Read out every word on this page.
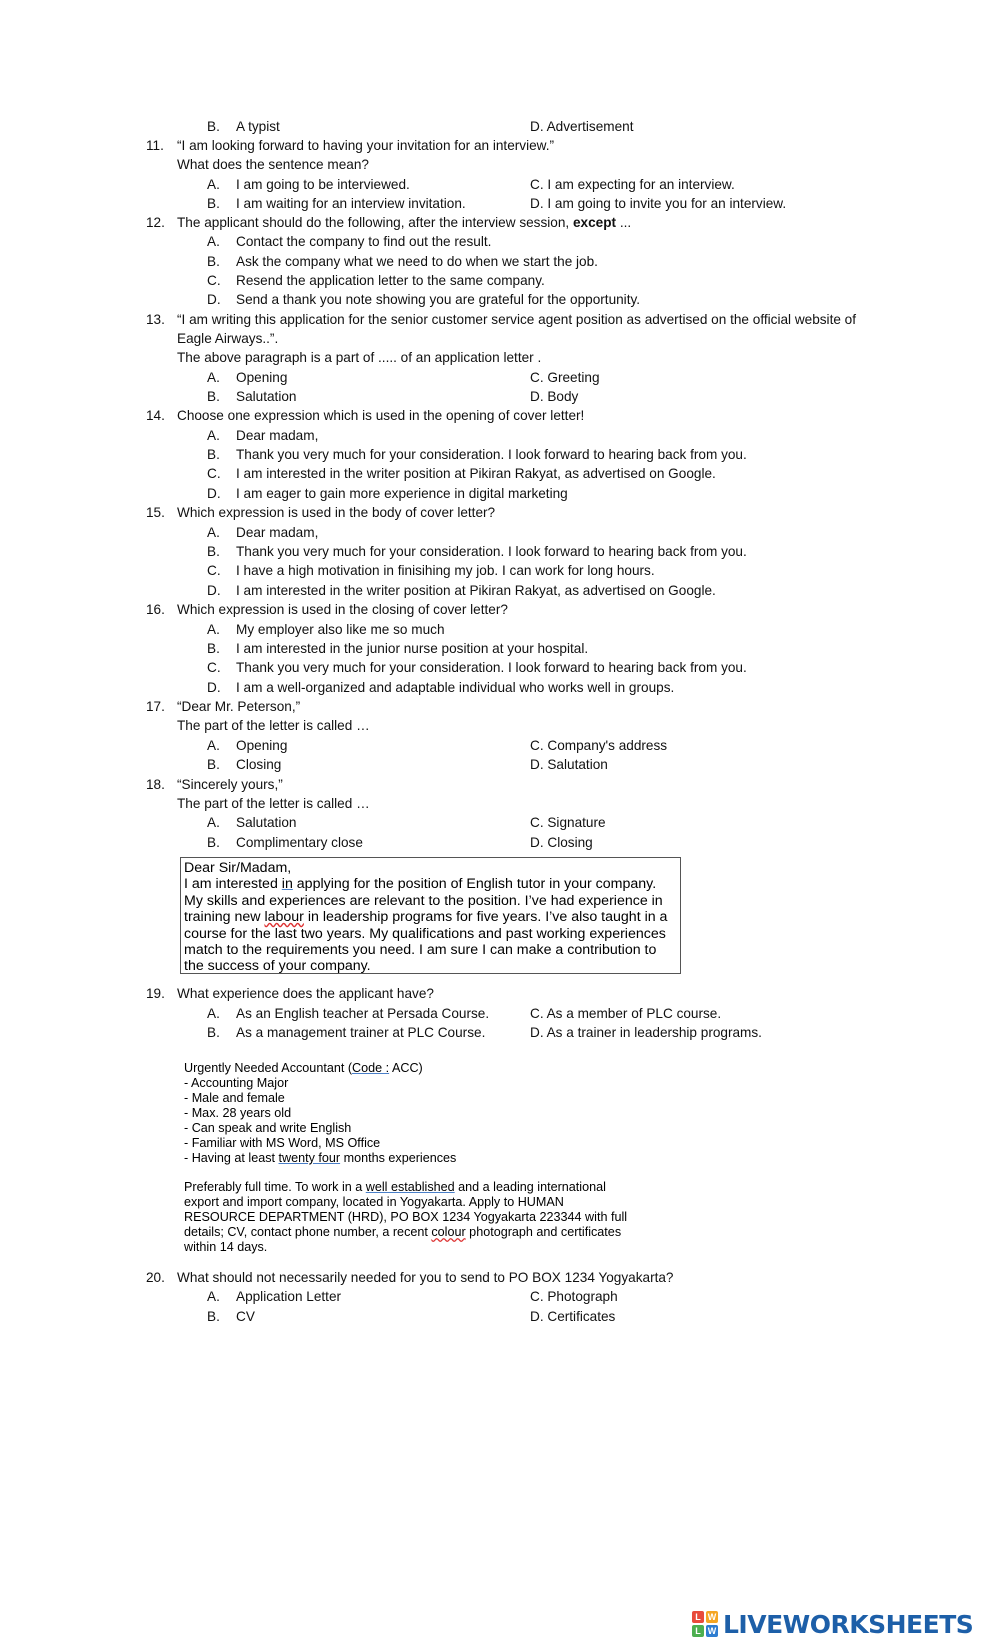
B. A typist	D. Advertisement
11. “I am looking forward to having your invitation for an interview.”
What does the sentence mean?
A. I am going to be interviewed.	C. I am expecting for an interview.
B. I am waiting for an interview invitation.	D. I am going to invite you for an interview.
12. The applicant should do the following, after the interview session, except ...
A. Contact the company to find out the result.
B. Ask the company what we need to do when we start the job.
C. Resend the application letter to the same company.
D. Send a thank you note showing you are grateful for the opportunity.
13. “I am writing this application for the senior customer service agent position as advertised on the official website of
Eagle Airways..”.
The above paragraph is a part of ..... of an application letter .
A. Opening	C. Greeting
B. Salutation	D. Body
14. Choose one expression which is used in the opening of cover letter!
A. Dear madam,
B. Thank you very much for your consideration. I look forward to hearing back from you.
C. I am interested in the writer position at Pikiran Rakyat, as advertised on Google.
D. I am eager to gain more experience in digital marketing
15. Which expression is used in the body of cover letter?
A. Dear madam,
B. Thank you very much for your consideration. I look forward to hearing back from you.
C. I have a high motivation in finisihing my job. I can work for long hours.
D. I am interested in the writer position at Pikiran Rakyat, as advertised on Google.
16. Which expression is used in the closing of cover letter?
A. My employer also like me so much
B. I am interested in the junior nurse position at your hospital.
C. Thank you very much for your consideration. I look forward to hearing back from you.
D. I am a well-organized and adaptable individual who works well in groups.
17. “Dear Mr. Peterson,”
The part of the letter is called …
A. Opening	C. Company's address
B. Closing	D. Salutation
18. “Sincerely yours,”
The part of the letter is called …
A. Salutation	C. Signature
B. Complimentary close	D. Closing
Dear Sir/Madam,
I am interested in applying for the position of English tutor in your company.
My skills and experiences are relevant to the position. I’ve had experience in
training new labour in leadership programs for five years. I’ve also taught in a
course for the last two years. My qualifications and past working experiences
match to the requirements you need. I am sure I can make a contribution to
the success of your company.
19. What experience does the applicant have?
A. As an English teacher at Persada Course.	C. As a member of PLC course.
B. As a management trainer at PLC Course.	D. As a trainer in leadership programs.
Urgently Needed Accountant (Code : ACC)
- Accounting Major
- Male and female
- Max. 28 years old
- Can speak and write English
- Familiar with MS Word, MS Office
- Having at least twenty four months experiences
Preferably full time. To work in a well established and a leading international
export and import company, located in Yogyakarta. Apply to HUMAN
RESOURCE DEPARTMENT (HRD), PO BOX 1234 Yogyakarta 223344 with full
details; CV, contact phone number, a recent colour photograph and certificates
within 14 days.
20. What should not necessarily needed for you to send to PO BOX 1234 Yogyakarta?
A. Application Letter	C. Photograph
B. CV	D. Certificates
L W
L W LIVEWORKSHEETS
